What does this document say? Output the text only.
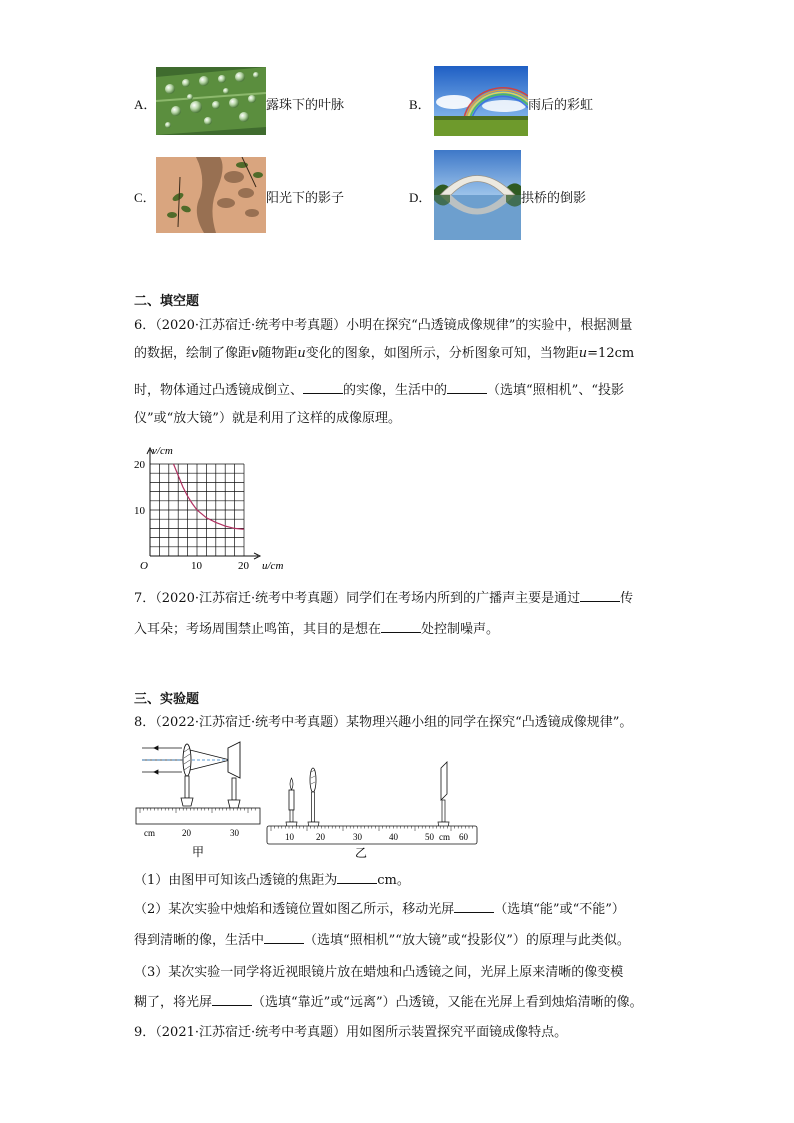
A．	露珠下的叶脉	B．	雨后的彩虹
C．	阳光下的影子	D．	拱桥的倒影
二、填空题
6．（2020·江苏宿迁·统考中考真题）小明在探究“凸透镜成像规律”的实验中，根据测量
的数据，绘制了像距v随物距u变化的图象，如图所示，分析图象可知，当物距u=12cm
时，物体通过凸透镜成倒立、	的实像，生活中的	（选填“照相机”、“投影
仪”或“放大镜”）就是利用了这样的成像原理。
10	20
10
20
v/cm
u/cm
O
7．（2020·江苏宿迁·统考中考真题）同学们在考场内所到的广播声主要是通过	传
入耳朵；考场周围禁止鸣笛，其目的是想在	处控制噪声。
三、实验题
8．（2022·江苏宿迁·统考中考真题）某物理兴趣小组的同学在探究“凸透镜成像规律”。
cm	20	30
甲
10 20	30	40	50 cm 60
乙
（1）由图甲可知该凸透镜的焦距为	cm。
（2）某次实验中烛焰和透镜位置如图乙所示，移动光屏	（选填“能”或“不能”）
得到清晰的像，生活中	（选填“照相机”“放大镜”或“投影仪”）的原理与此类似。
（3）某次实验一同学将近视眼镜片放在蜡烛和凸透镜之间，光屏上原来清晰的像变模
糊了，将光屏	（选填“靠近”或“远离”）凸透镜，又能在光屏上看到烛焰清晰的像。
9．（2021·江苏宿迁·统考中考真题）用如图所示装置探究平面镜成像特点。
